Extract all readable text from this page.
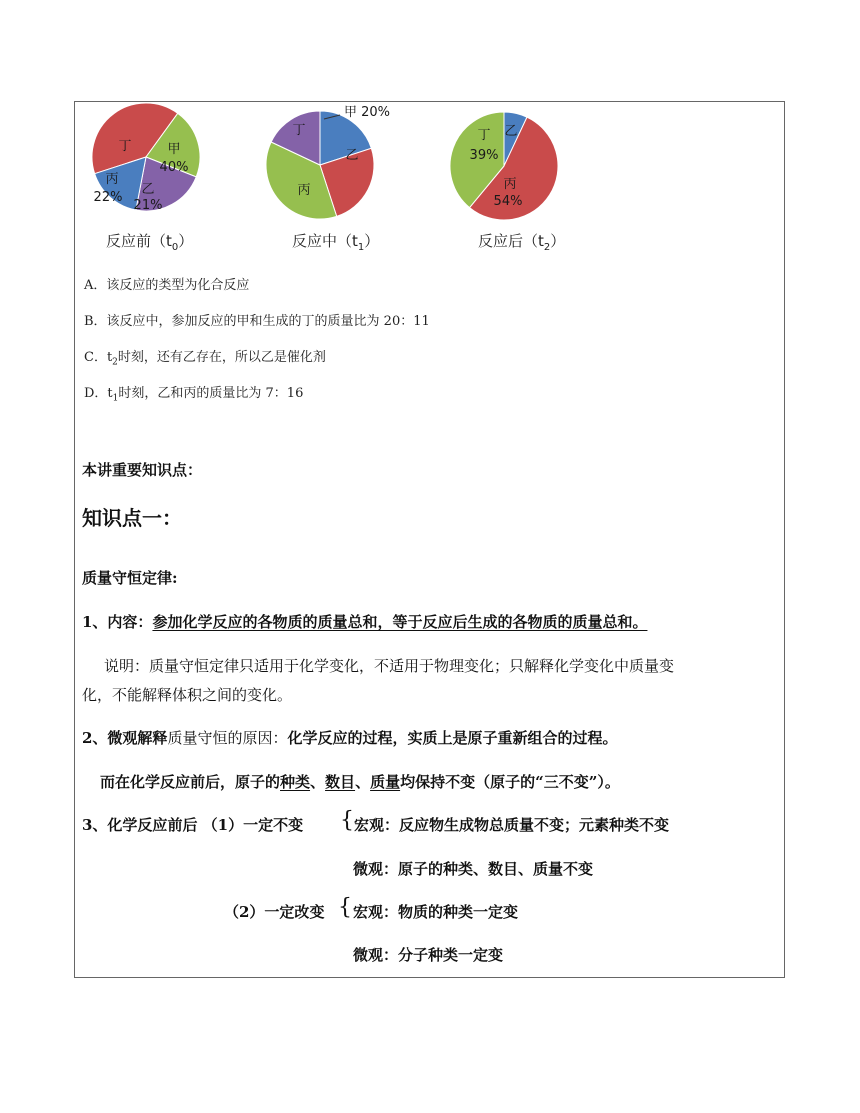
甲
40%
乙
21%
丙
22%
丁
反应前$(t_0)$
甲 20%
乙
丙
丁
反应中$(t_1)$
乙
丙
54%
丁
39%
反应后$(t_2)$
A．该反应的类型为化合反应
B．该反应中，参加反应的甲和生成的丁的质量比为 20：11
C．$t_2$时刻，还有乙存在，所以乙是催化剂
D．$t_1$时刻，乙和丙的质量比为 7：16
本讲重要知识点：
知识点一：
质量守恒定律:
1、内容：参加化学反应的各物质的质量总和，等于反应后生成的各物质的质量总和。
说明：质量守恒定律只适用于化学变化，不适用于物理变化；只解释化学变化中质量变
化，不能解释体积之间的变化。
2、微观解释质量守恒的原因：化学反应的过程，实质上是原子重新组合的过程。
而在化学反应前后，原子的种类、数目、质量均保持不变（原子的“三不变”）。
3、化学反应前后 （1）一定不变 { 宏观：反应物生成物总质量不变；元素种类不变
微观：原子的种类、数目、质量不变
（2）一定改变 { 宏观：物质的种类一定变
微观：分子种类一定变
